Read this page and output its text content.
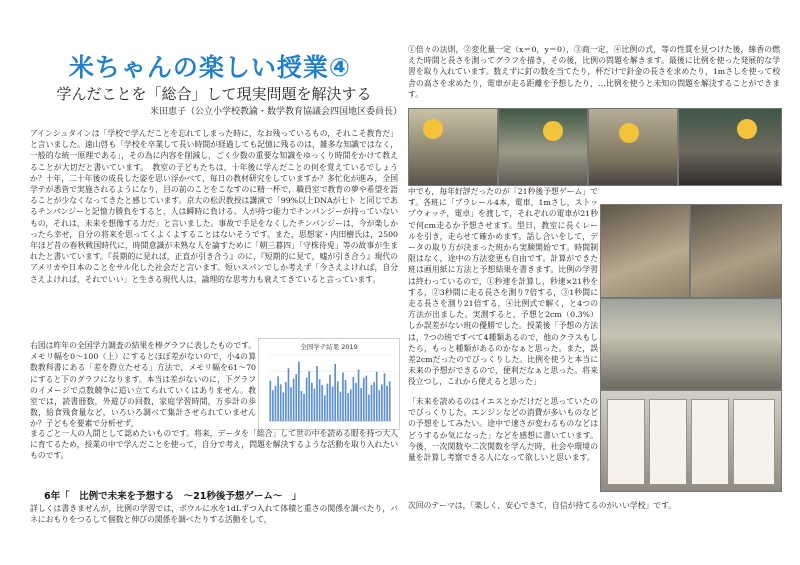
米ちゃんの楽しい授業④
学んだことを「総合」して現実問題を解決する
米田恵子（公立小学校教諭・数学教育協議会四国地区委員長）

アインシュタインは「学校で学んだことを忘れてしまった時に，なお残っているもの，それこそ教育だ」と言いました。遠山啓も「学校を卒業して長い時間が経過しても記憶に残るのは，雑多な知識ではなく，一般的な統一原理である」，その為に内容を削減し，ごく少数の重要な知識をゆっくり時間をかけて教えることが大切だと書いています。　教室の子どもたちは，十年後に学んだことの何を覚えているでしょうか？十年，二十年後の成長した姿を思い浮かべて，毎日の教材研究をしていますか？多忙化が進み，全国学テが悉皆で実施されるようになり，目の前のことをこなすのに精一杯で，職員室で教育の夢や希望を語ることが少なくなってきたと感じています。京大の松沢教授は講演で「99%以上DNAが七ト と同じであるチンパンジーと記憶力勝負をすると，人は瞬時に負ける。人が持つ能力でチンパンジーが持っていないもの，それは，未来を想像する力だ」と言いました。事故で手足をなくしたチンパンジーは，今が楽しかったら幸せ，自分の将来を思ってくよくよすることはないそうです。また，思想家・内田樹氏は，2500年ほど昔の春秋戦国時代に，時間意識が未熟な人を論すために「朝三暮四」「守株待兎」等の故事が生まれたと書いています。『長期的に見れば，正直が引き合う』のに，『短期的に見て，嘘が引き合う』現代のアメリカや日本のことをサル化した社会だと言います。短いスパンでしか考えず「今さえよければ，自分さえよければ，それでいい」と生きる現代人は，論理的な思考力も衰えてきていると言っています。

右図は昨年の全国学力調査の結果を棒グラフに表したものです。メモリ幅を0〜100（上）にするとほぼ差がないので，小4の算数教科書にある「差を際立たせる」方法で，メモリ幅を61〜70にすると下のグラフになります。本当は差がないのに，下グラフのイメージで点数競争に追い立てられていくはありません。教室では，読書冊数，外遊びの回数，家庭学習時間，万歩計の歩数，給食残食量など，いろいろ調べて集計させられていませんか？子どもを要素で分析せず，

全国学テ結果 2019

まるごと一人の人間として認めたいものです。将来，データを「総合」して世の中を読める眼を持つ大人に育てるため，授業の中で学んだことを使って，自分で考え，問題を解決するような活動を取り入れたいものです。

6年「　比例で未来を予想する　〜21秒後予想ゲーム〜　」

詳しくは書きませんが，比例の学習では，ボウルに水を1dLずつ入れて体積と重さの関係を調べたり，バネにおもりをつるして個数と伸びの関係を調べたりする活動をして，

①倍々の法則，②変化量一定（x＝0，y＝0），③商一定，④比例の式，等の性質を見つけた後，線香の燃えた時間と長さを測ってグラフを描き，その後，比例の問題を解きます。最後に比例を使った発展的な学習を取り入れています。数えずに釘の数を当てたり，杯だけで針金の長さを求めたり，1mさしを使って校舎の高さを求めたり，電車が走る距離を予想したり，…比例を使うと未知の問題を解決することができます。

中でも，毎年好評だったのが「21秒後予想ゲーム」です。各班に「プラレール4本，電車，1mさし，ストップウォッチ，電卓」を渡して，それぞれの電車が21秒で何cm走るか予想させます。型日，教室に長くレールを引き，走らせて確かめます。話し合いをして，データの取り方が決まった班から実験開始です。時間制限はなく，途中の方法変更も自由です。計算ができた班は画用紙に方法と予想結果を書きます。比例の学習は終わっているので，①秒速を計算し，秒速×21秒をする，②3秒間に走る長さを測り7倍する，③1秒間に走る長さを測り21倍する，④比例式で解く，と4つの方法が出ました。実測すると，予想と2cm（0.3%）しか誤差がない班の優勝でした。授業後「予想の方法は，7つの班ですべて4種類あるので，他のクラスもしたら，もっと種類があるのかなぁと思った。また，誤差2cmだったのでびっくりした。比例を使うと本当に未来の予想ができるので，便利だなぁと思った。将来役立つし，これから使えると思った」

「未来を読めるのはイエスとかだけだと思っていたのでびっくりした。エンジンなどの消費が多いものなどの予想をしてみたい。途中で速さが変わるものなどはどうするか気になった」などを感想に書いています。今後，一次関数や二次関数を学んだ時，社会や環境の量を計算し考察できる人になって欲しいと思います。

次回のテーマは，「楽しく，安心できて，自信が持てるのがいい学校」です。
